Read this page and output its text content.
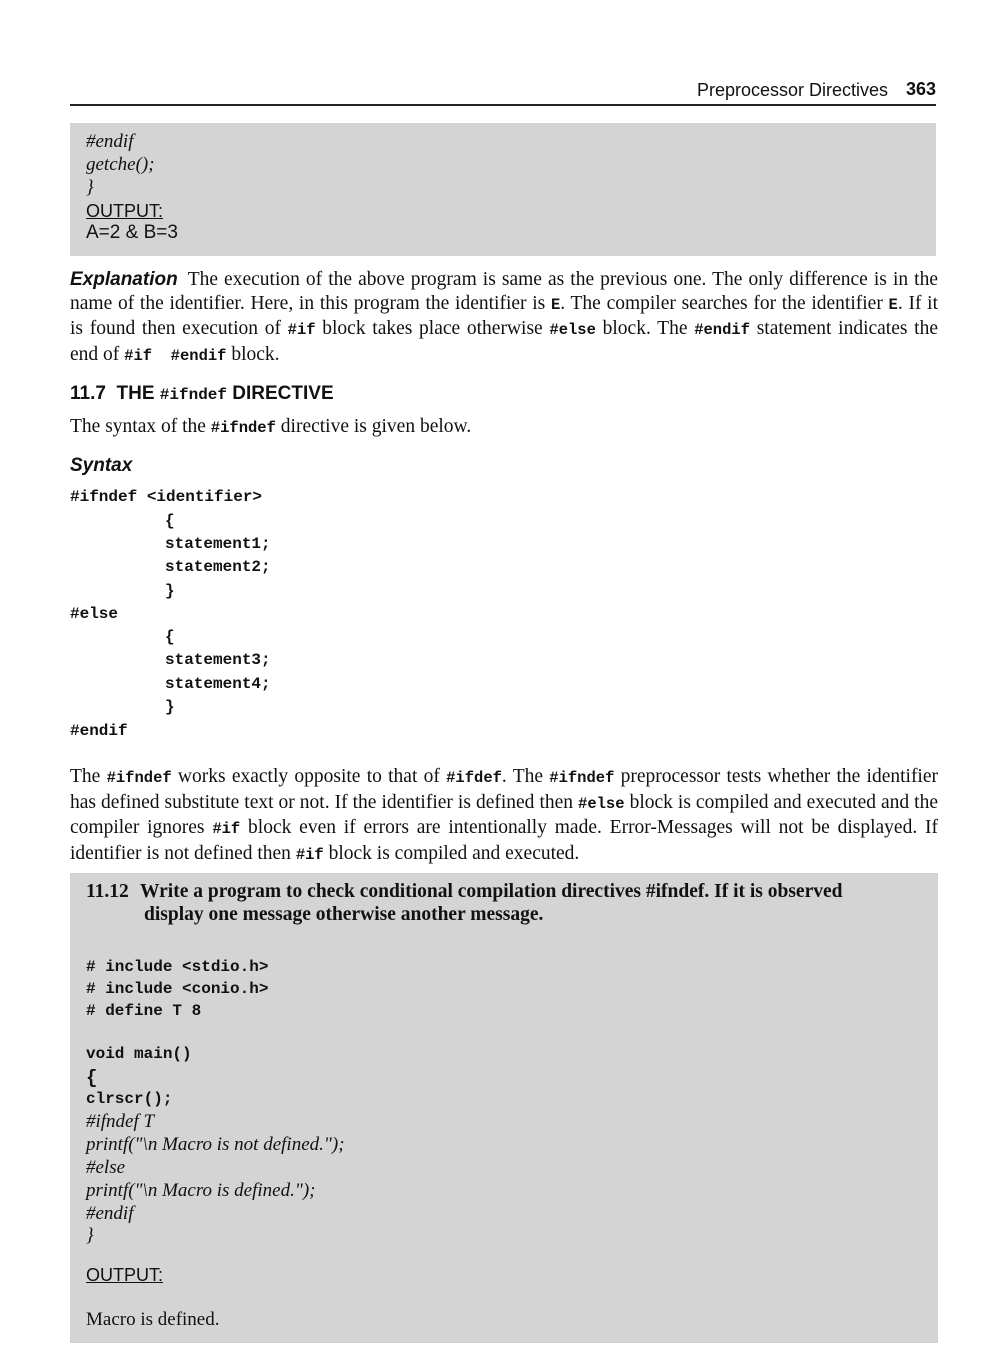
Preprocessor Directives 363
#endif
getche();
}
OUTPUT:
A=2 & B=3
Explanation The execution of the above program is same as the previous one. The only difference is in the name of the identifier. Here, in this program the identifier is E. The compiler searches for the identifier E. If it is found then execution of #if block takes place otherwise #else block. The #endif statement indicates the end of #if  #endif block.
11.7 THE #ifndef DIRECTIVE
The syntax of the #ifndef directive is given below.
Syntax
#ifndef <identifier>
{
statement1;
statement2;
}
#else
{
statement3;
statement4;
}
#endif
The #ifndef works exactly opposite to that of #ifdef. The #ifndef preprocessor tests whether the identifier has defined substitute text or not. If the identifier is defined then #else block is compiled and executed and the compiler ignores #if block even if errors are intentionally made. Error-Messages will not be displayed. If identifier is not defined then #if block is compiled and executed.
11.12 Write a program to check conditional compilation directives #ifndef. If it is observed
display one message otherwise another message.
# include <stdio.h>
# include <conio.h>
# define T 8
void main()
{
clrscr();
#ifndef T
printf("\n Macro is not defined.");
#else
printf("\n Macro is defined.");
#endif
}
OUTPUT:
Macro is defined.
